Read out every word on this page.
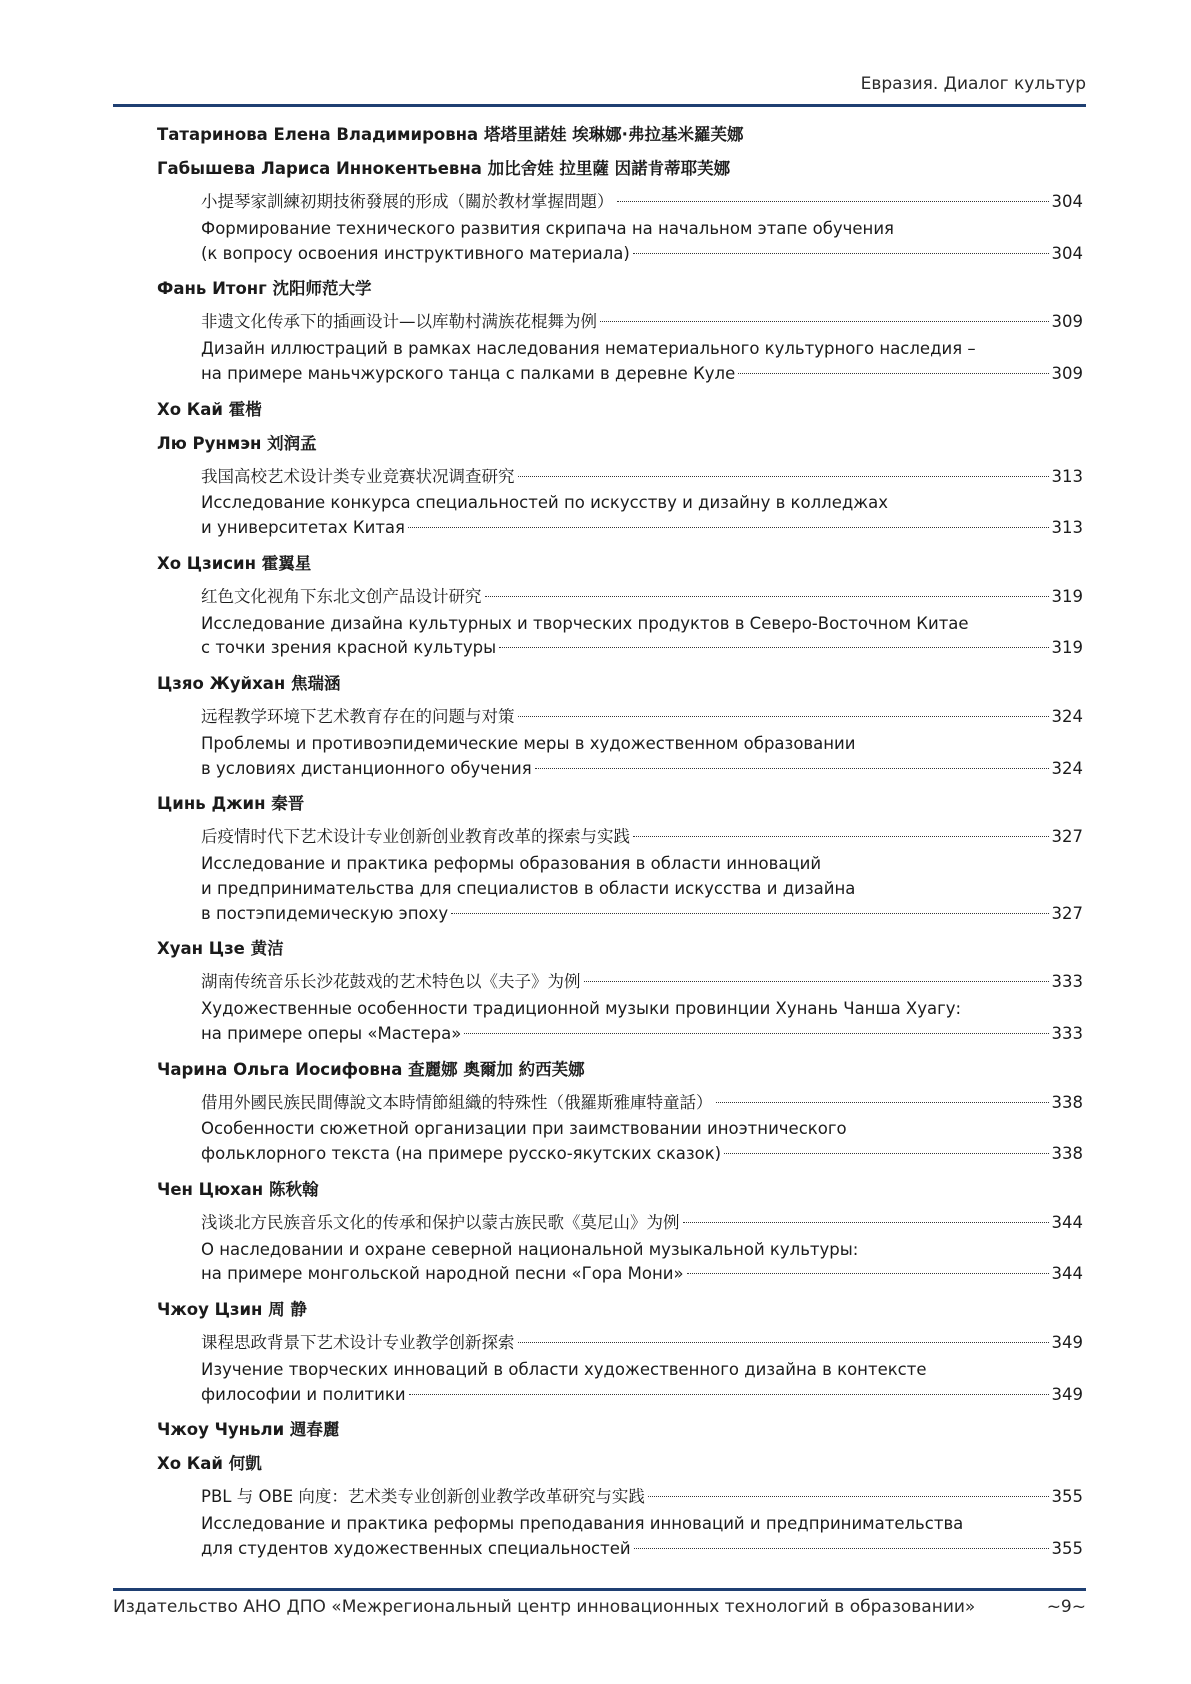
Евразия. Диалог культур
Татаринова Елена Владимировна 塔塔里諾娃 埃琳娜·弗拉基米羅芙娜
Габышева Лариса Иннокентьевна 加比舍娃 拉里薩 因諾肯蒂耶芙娜
小提琴家訓練初期技術發展的形成（關於教材掌握問題）	304
Формирование технического развития скрипача на начальном этапе обучения
(к вопросу освоения инструктивного материала)	304
Фань Итонг 沈阳师范大学
非遗文化传承下的插画设计—以库勒村满族花棍舞为例	309
Дизайн иллюстраций в рамках наследования нематериального культурного наследия –
на примере маньчжурского танца с палками в деревне Куле	309
Хо Кай 霍楷
Лю Рунмэн 刘润孟
我国高校艺术设计类专业竞赛状况调查研究	313
Исследование конкурса специальностей по искусству и дизайну в колледжах
и университетах Китая	313
Хо Цзисин 霍翼星
红色文化视角下东北文创产品设计研究	319
Исследование дизайна культурных и творческих продуктов в Северо-Восточном Китае
с точки зрения красной культуры	319
Цзяо Жуйхан 焦瑞涵
远程教学环境下艺术教育存在的问题与对策	324
Проблемы и противоэпидемические меры в художественном образовании
в условиях дистанционного обучения	324
Цинь Джин 秦晋
后疫情时代下艺术设计专业创新创业教育改革的探索与实践	327
Исследование и практика реформы образования в области инноваций
и предпринимательства для специалистов в области искусства и дизайна
в постэпидемическую эпоху	327
Хуан Цзе 黄洁
湖南传统音乐长沙花鼓戏的艺术特色以《夫子》为例	333
Художественные особенности традиционной музыки провинции Хунань Чанша Хуагу:
на примере оперы «Мастера»	333
Чарина Ольга Иосифовна 查麗娜 奧爾加 約西芙娜
借用外國民族民間傳說文本時情節組織的特殊性（俄羅斯雅庫特童話）	338
Особенности сюжетной организации при заимствовании иноэтнического
фольклорного текста (на примере русско-якутских сказок)	338
Чен Цюхан 陈秋翰
浅谈北方民族音乐文化的传承和保护以蒙古族民歌《莫尼山》为例	344
О наследовании и охране северной национальной музыкальной культуры:
на примере монгольской народной песни «Гора Мони»	344
Чжоу Цзин 周 静
课程思政背景下艺术设计专业教学创新探索	349
Изучение творческих инноваций в области художественного дизайна в контексте
философии и политики	349
Чжоу Чуньли 週春麗
Хо Кай 何凱
PBL 与 OBE 向度：艺术类专业创新创业教学改革研究与实践	355
Исследование и практика реформы преподавания инноваций и предпринимательства
для студентов художественных специальностей	355
Издательство АНО ДПО «Межрегиональный центр инновационных технологий в образовании»	~9~
